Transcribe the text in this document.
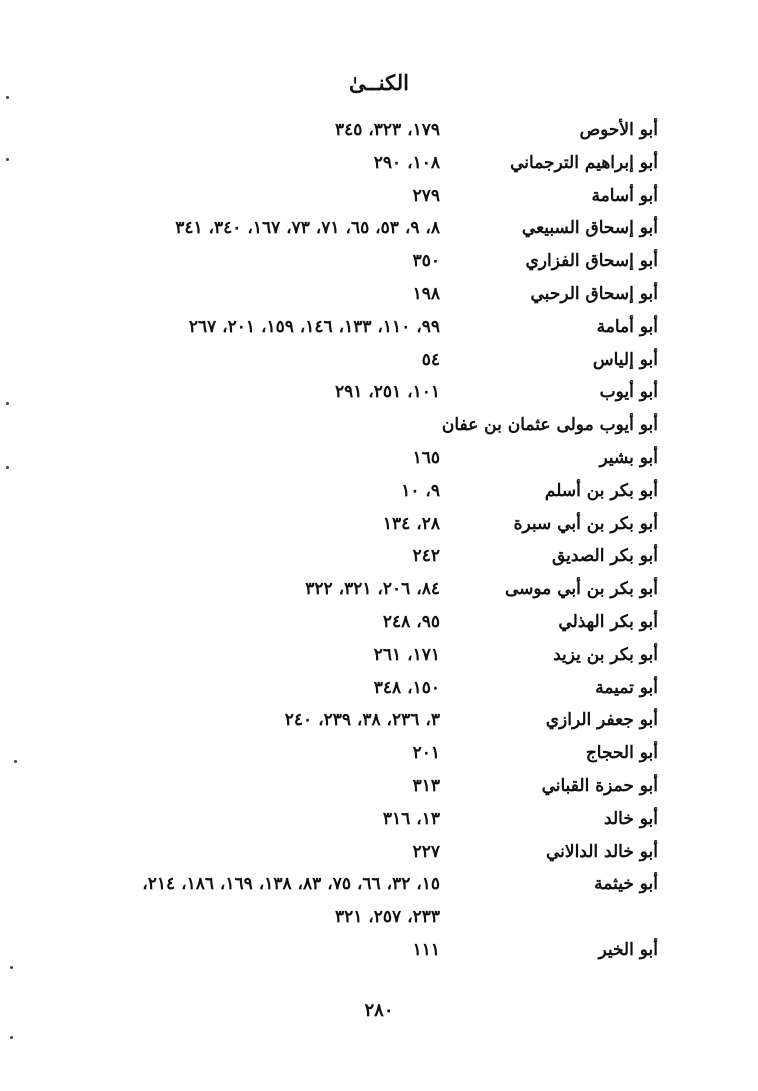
الكنــىٰ
أبو الأحوص
١٧٩، ٣٢٣، ٣٤٥
أبو إبراهيم الترجماني
١٠٨، ٢٩٠
أبو أسامة
٢٧٩
أبو إسحاق السبيعي
٨، ٩، ٥٣، ٦٥، ٧١، ٧٣، ١٦٧، ٣٤٠، ٣٤١
أبو إسحاق الفزاري
٣٥٠
أبو إسحاق الرحبي
١٩٨
أبو أمامة
٩٩، ١١٠، ١٣٣، ١٤٦، ١٥٩، ٢٠١، ٢٦٧
أبو إلياس
٥٤
أبو أيوب
١٠١، ٢٥١، ٢٩١
أبو أيوب مولى عثمان بن عفان
أبو بشير
١٦٥
أبو بكر بن أسلم
٩، ١٠
أبو بكر بن أبي سبرة
٢٨، ١٣٤
أبو بكر الصديق
٢٤٢
أبو بكر بن أبي موسى
٨٤، ٢٠٦، ٣٢١، ٣٢٢
أبو بكر الهذلي
٩٥، ٢٤٨
أبو بكر بن يزيد
١٧١، ٢٦١
أبو تميمة
١٥٠، ٣٤٨
أبو جعفر الرازي
٣، ٢٣٦، ٣٨، ٢٣٩، ٢٤٠
أبو الحجاج
٢٠١
أبو حمزة القباني
٣١٣
أبو خالد
١٣، ٣١٦
أبو خالد الدالاني
٢٢٧
أبو خيثمة
١٥، ٣٢، ٦٦، ٧٥، ٨٣، ١٣٨، ١٦٩، ١٨٦، ٢١٤،
٢٣٣، ٢٥٧، ٣٢١
أبو الخير
١١١
٢٨٠
